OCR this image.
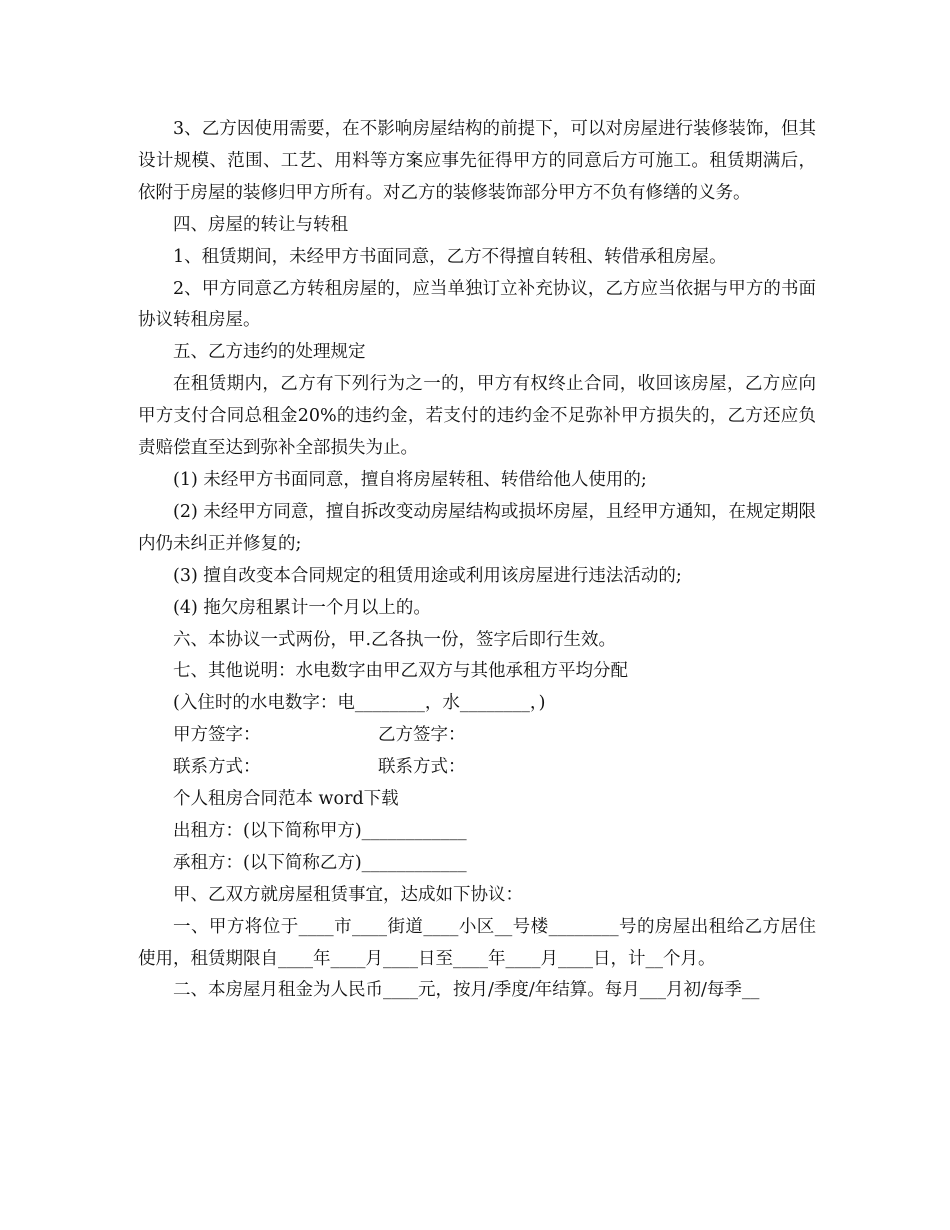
3、乙方因使用需要，在不影响房屋结构的前提下，可以对房屋进行装修装饰，但其设计规模、范围、工艺、用料等方案应事先征得甲方的同意后方可施工。租赁期满后，依附于房屋的装修归甲方所有。对乙方的装修装饰部分甲方不负有修缮的义务。

四、房屋的转让与转租

1、租赁期间，未经甲方书面同意，乙方不得擅自转租、转借承租房屋。

2、甲方同意乙方转租房屋的，应当单独订立补充协议，乙方应当依据与甲方的书面协议转租房屋。

五、乙方违约的处理规定

在租赁期内，乙方有下列行为之一的，甲方有权终止合同，收回该房屋，乙方应向甲方支付合同总租金20%的违约金，若支付的违约金不足弥补甲方损失的，乙方还应负责赔偿直至达到弥补全部损失为止。

(1) 未经甲方书面同意，擅自将房屋转租、转借给他人使用的;

(2) 未经甲方同意，擅自拆改变动房屋结构或损坏房屋，且经甲方通知，在规定期限内仍未纠正并修复的;

(3) 擅自改变本合同规定的租赁用途或利用该房屋进行违法活动的;

(4) 拖欠房租累计一个月以上的。

六、本协议一式两份，甲.乙各执一份，签字后即行生效。

七、其他说明：水电数字由甲乙双方与其他承租方平均分配

(入住时的水电数字：电________，水________，)

甲方签字：	乙方签字：
联系方式：	联系方式：

个人租房合同范本 word下载

出租方：(以下简称甲方)____________

承租方：(以下简称乙方)____________

甲、乙双方就房屋租赁事宜，达成如下协议：

一、甲方将位于____市____街道____小区__号楼________号的房屋出租给乙方居住使用，租赁期限自____年____月____日至____年____月____日，计__个月。

二、本房屋月租金为人民币____元，按月/季度/年结算。每月___月初/每季__
